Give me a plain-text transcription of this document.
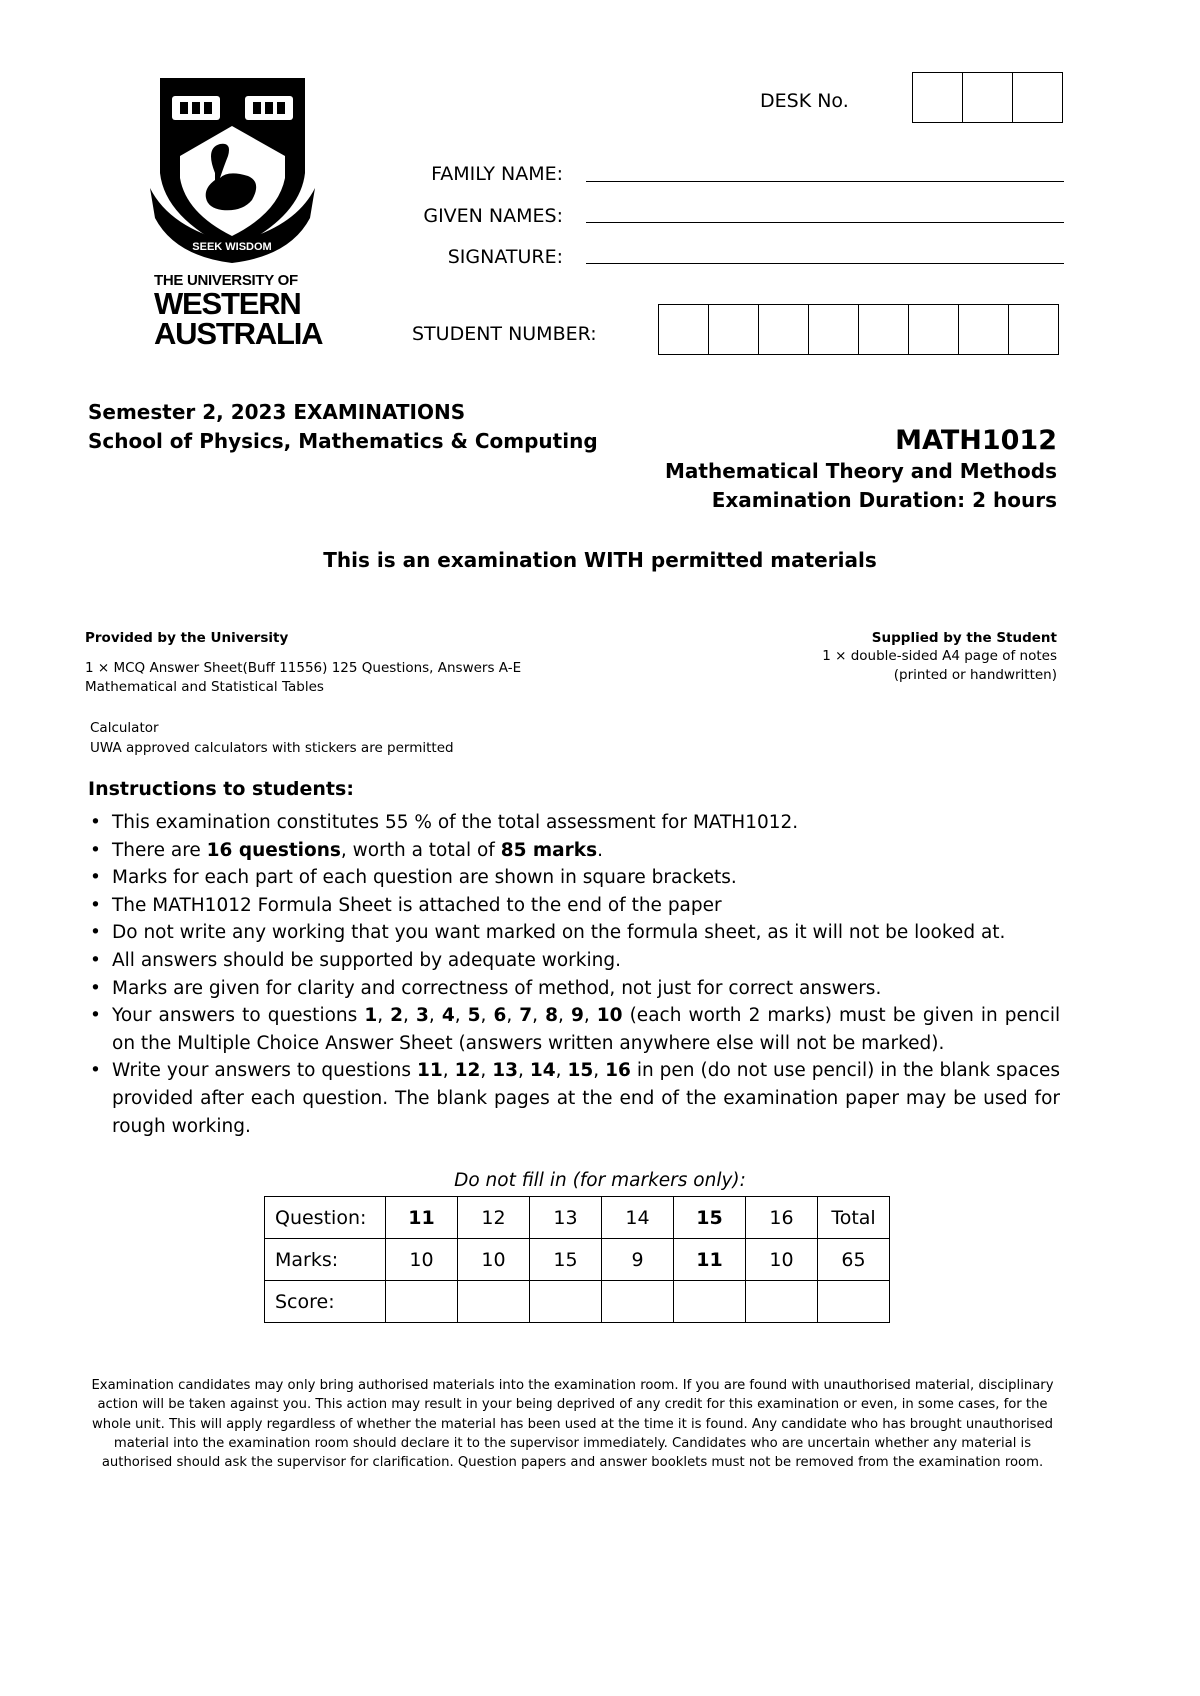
SEEK WISDOM
THE UNIVERSITY OF
WESTERN
AUSTRALIA
DESK No.
FAMILY NAME:
GIVEN NAMES:
SIGNATURE:
STUDENT NUMBER:
Semester 2, 2023 EXAMINATIONS
School of Physics, Mathematics & Computing	MATH1012
Mathematical Theory and Methods
Examination Duration: 2 hours
This is an examination WITH permitted materials
Provided by the University
1 × MCQ Answer Sheet(Buff 11556) 125 Questions, Answers A-E
Mathematical and Statistical Tables
Supplied by the Student
1 × double-sided A4 page of notes
(printed or handwritten)
Calculator
UWA approved calculators with stickers are permitted
Instructions to students:
• This examination constitutes 55 % of the total assessment for MATH1012.
• There are 16 questions, worth a total of 85 marks.
• Marks for each part of each question are shown in square brackets.
• The MATH1012 Formula Sheet is attached to the end of the paper
• Do not write any working that you want marked on the formula sheet, as it will not be looked at.
• All answers should be supported by adequate working.
• Marks are given for clarity and correctness of method, not just for correct answers.
• Your answers to questions 1, 2, 3, 4, 5, 6, 7, 8, 9, 10 (each worth 2 marks) must be given in pencil on the Multiple Choice Answer Sheet (answers written anywhere else will not be marked).
• Write your answers to questions 11, 12, 13, 14, 15, 16 in pen (do not use pencil) in the blank spaces provided after each question. The blank pages at the end of the examination paper may be used for rough working.
Do not fill in (for markers only):
Question:	11	12	13	14	15	16	Total
Marks:	10	10	15	9	11	10	65
Score:							
Examination candidates may only bring authorised materials into the examination room. If you are found with unauthorised material, disciplinary action will be taken against you. This action may result in your being deprived of any credit for this examination or even, in some cases, for the whole unit. This will apply regardless of whether the material has been used at the time it is found. Any candidate who has brought unauthorised material into the examination room should declare it to the supervisor immediately. Candidates who are uncertain whether any material is authorised should ask the supervisor for clarification. Question papers and answer booklets must not be removed from the examination room.
